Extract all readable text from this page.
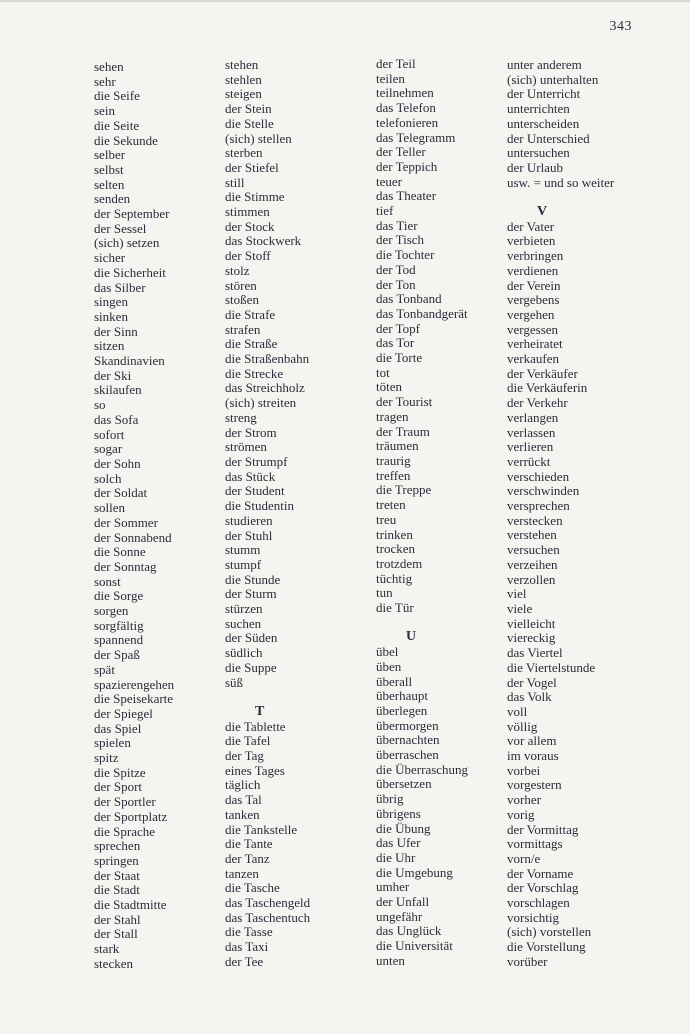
343
sehen
sehr
die Seife
sein
die Seite
die Sekunde
selber
selbst
selten
senden
der September
der Sessel
(sich) setzen
sicher
die Sicherheit
das Silber
singen
sinken
der Sinn
sitzen
Skandinavien
der Ski
skilaufen
so
das Sofa
sofort
sogar
der Sohn
solch
der Soldat
sollen
der Sommer
der Sonnabend
die Sonne
der Sonntag
sonst
die Sorge
sorgen
sorgfältig
spannend
der Spaß
spät
spazierengehen
die Speisekarte
der Spiegel
das Spiel
spielen
spitz
die Spitze
der Sport
der Sportler
der Sportplatz
die Sprache
sprechen
springen
der Staat
die Stadt
die Stadtmitte
der Stahl
der Stall
stark
stecken
stehen
stehlen
steigen
der Stein
die Stelle
(sich) stellen
sterben
der Stiefel
still
die Stimme
stimmen
der Stock
das Stockwerk
der Stoff
stolz
stören
stoßen
die Strafe
strafen
die Straße
die Straßenbahn
die Strecke
das Streichholz
(sich) streiten
streng
der Strom
strömen
der Strumpf
das Stück
der Student
die Studentin
studieren
der Stuhl
stumm
stumpf
die Stunde
der Sturm
stürzen
suchen
der Süden
südlich
die Suppe
süß
T
die Tablette
die Tafel
der Tag
eines Tages
täglich
das Tal
tanken
die Tankstelle
die Tante
der Tanz
tanzen
die Tasche
das Taschengeld
das Taschentuch
die Tasse
das Taxi
der Tee
der Teil
teilen
teilnehmen
das Telefon
telefonieren
das Telegramm
der Teller
der Teppich
teuer
das Theater
tief
das Tier
der Tisch
die Tochter
der Tod
der Ton
das Tonband
das Tonbandgerät
der Topf
das Tor
die Torte
tot
töten
der Tourist
tragen
der Traum
träumen
traurig
treffen
die Treppe
treten
treu
trinken
trocken
trotzdem
tüchtig
tun
die Tür
U
übel
üben
überall
überhaupt
überlegen
übermorgen
übernachten
überraschen
die Überraschung
übersetzen
übrig
übrigens
die Übung
das Ufer
die Uhr
die Umgebung
umher
der Unfall
ungefähr
das Unglück
die Universität
unten
unter anderem
(sich) unterhalten
der Unterricht
unterrichten
unterscheiden
der Unterschied
untersuchen
der Urlaub
usw. = und so weiter
V
der Vater
verbieten
verbringen
verdienen
der Verein
vergebens
vergehen
vergessen
verheiratet
verkaufen
der Verkäufer
die Verkäuferin
der Verkehr
verlangen
verlassen
verlieren
verrückt
verschieden
verschwinden
versprechen
verstecken
verstehen
versuchen
verzeihen
verzollen
viel
viele
vielleicht
viereckig
das Viertel
die Viertelstunde
der Vogel
das Volk
voll
völlig
vor allem
im voraus
vorbei
vorgestern
vorher
vorig
der Vormittag
vormittags
vorn/e
der Vorname
der Vorschlag
vorschlagen
vorsichtig
(sich) vorstellen
die Vorstellung
vorüber
